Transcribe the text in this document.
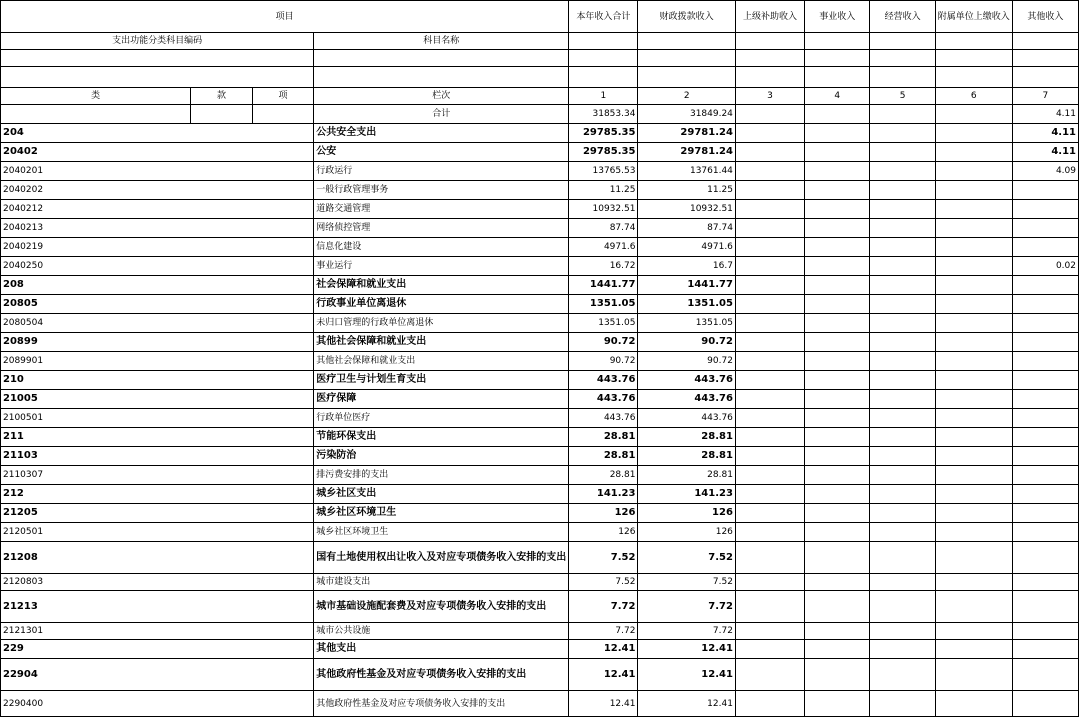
项目				本年收入合计	财政拨款收入	上级补助收入	事业收入	经营收入	附属单位上缴收入	其他收入
支出功能分类科目编码			科目名称							

类	款	项	栏次	1	2	3	4	5	6	7
			合计	31853.34	31849.24					4.11
204			公共安全支出	29785.35	29781.24					4.11
20402			公安	29785.35	29781.24					4.11
2040201			行政运行	13765.53	13761.44					4.09
2040202			一般行政管理事务	11.25	11.25					
2040212			道路交通管理	10932.51	10932.51					
2040213			网络侦控管理	87.74	87.74					
2040219			信息化建设	4971.6	4971.6					
2040250			事业运行	16.72	16.7					0.02
208			社会保障和就业支出	1441.77	1441.77					
20805			行政事业单位离退休	1351.05	1351.05					
2080504			未归口管理的行政单位离退休	1351.05	1351.05					
20899			其他社会保障和就业支出	90.72	90.72					
2089901			其他社会保障和就业支出	90.72	90.72					
210			医疗卫生与计划生育支出	443.76	443.76					
21005			医疗保障	443.76	443.76					
2100501			行政单位医疗	443.76	443.76					
211			节能环保支出	28.81	28.81					
21103			污染防治	28.81	28.81					
2110307			排污费安排的支出	28.81	28.81					
212			城乡社区支出	141.23	141.23					
21205			城乡社区环境卫生	126	126					
2120501			城乡社区环境卫生	126	126					
21208			国有土地使用权出让收入及对应专项债务收入安排的支出	7.52	7.52					
2120803			城市建设支出	7.52	7.52					
21213			城市基础设施配套费及对应专项债务收入安排的支出	7.72	7.72					
2121301			城市公共设施	7.72	7.72					
229			其他支出	12.41	12.41					
22904			其他政府性基金及对应专项债务收入安排的支出	12.41	12.41					
2290400			其他政府性基金及对应专项债务收入安排的支出	12.41	12.41					
